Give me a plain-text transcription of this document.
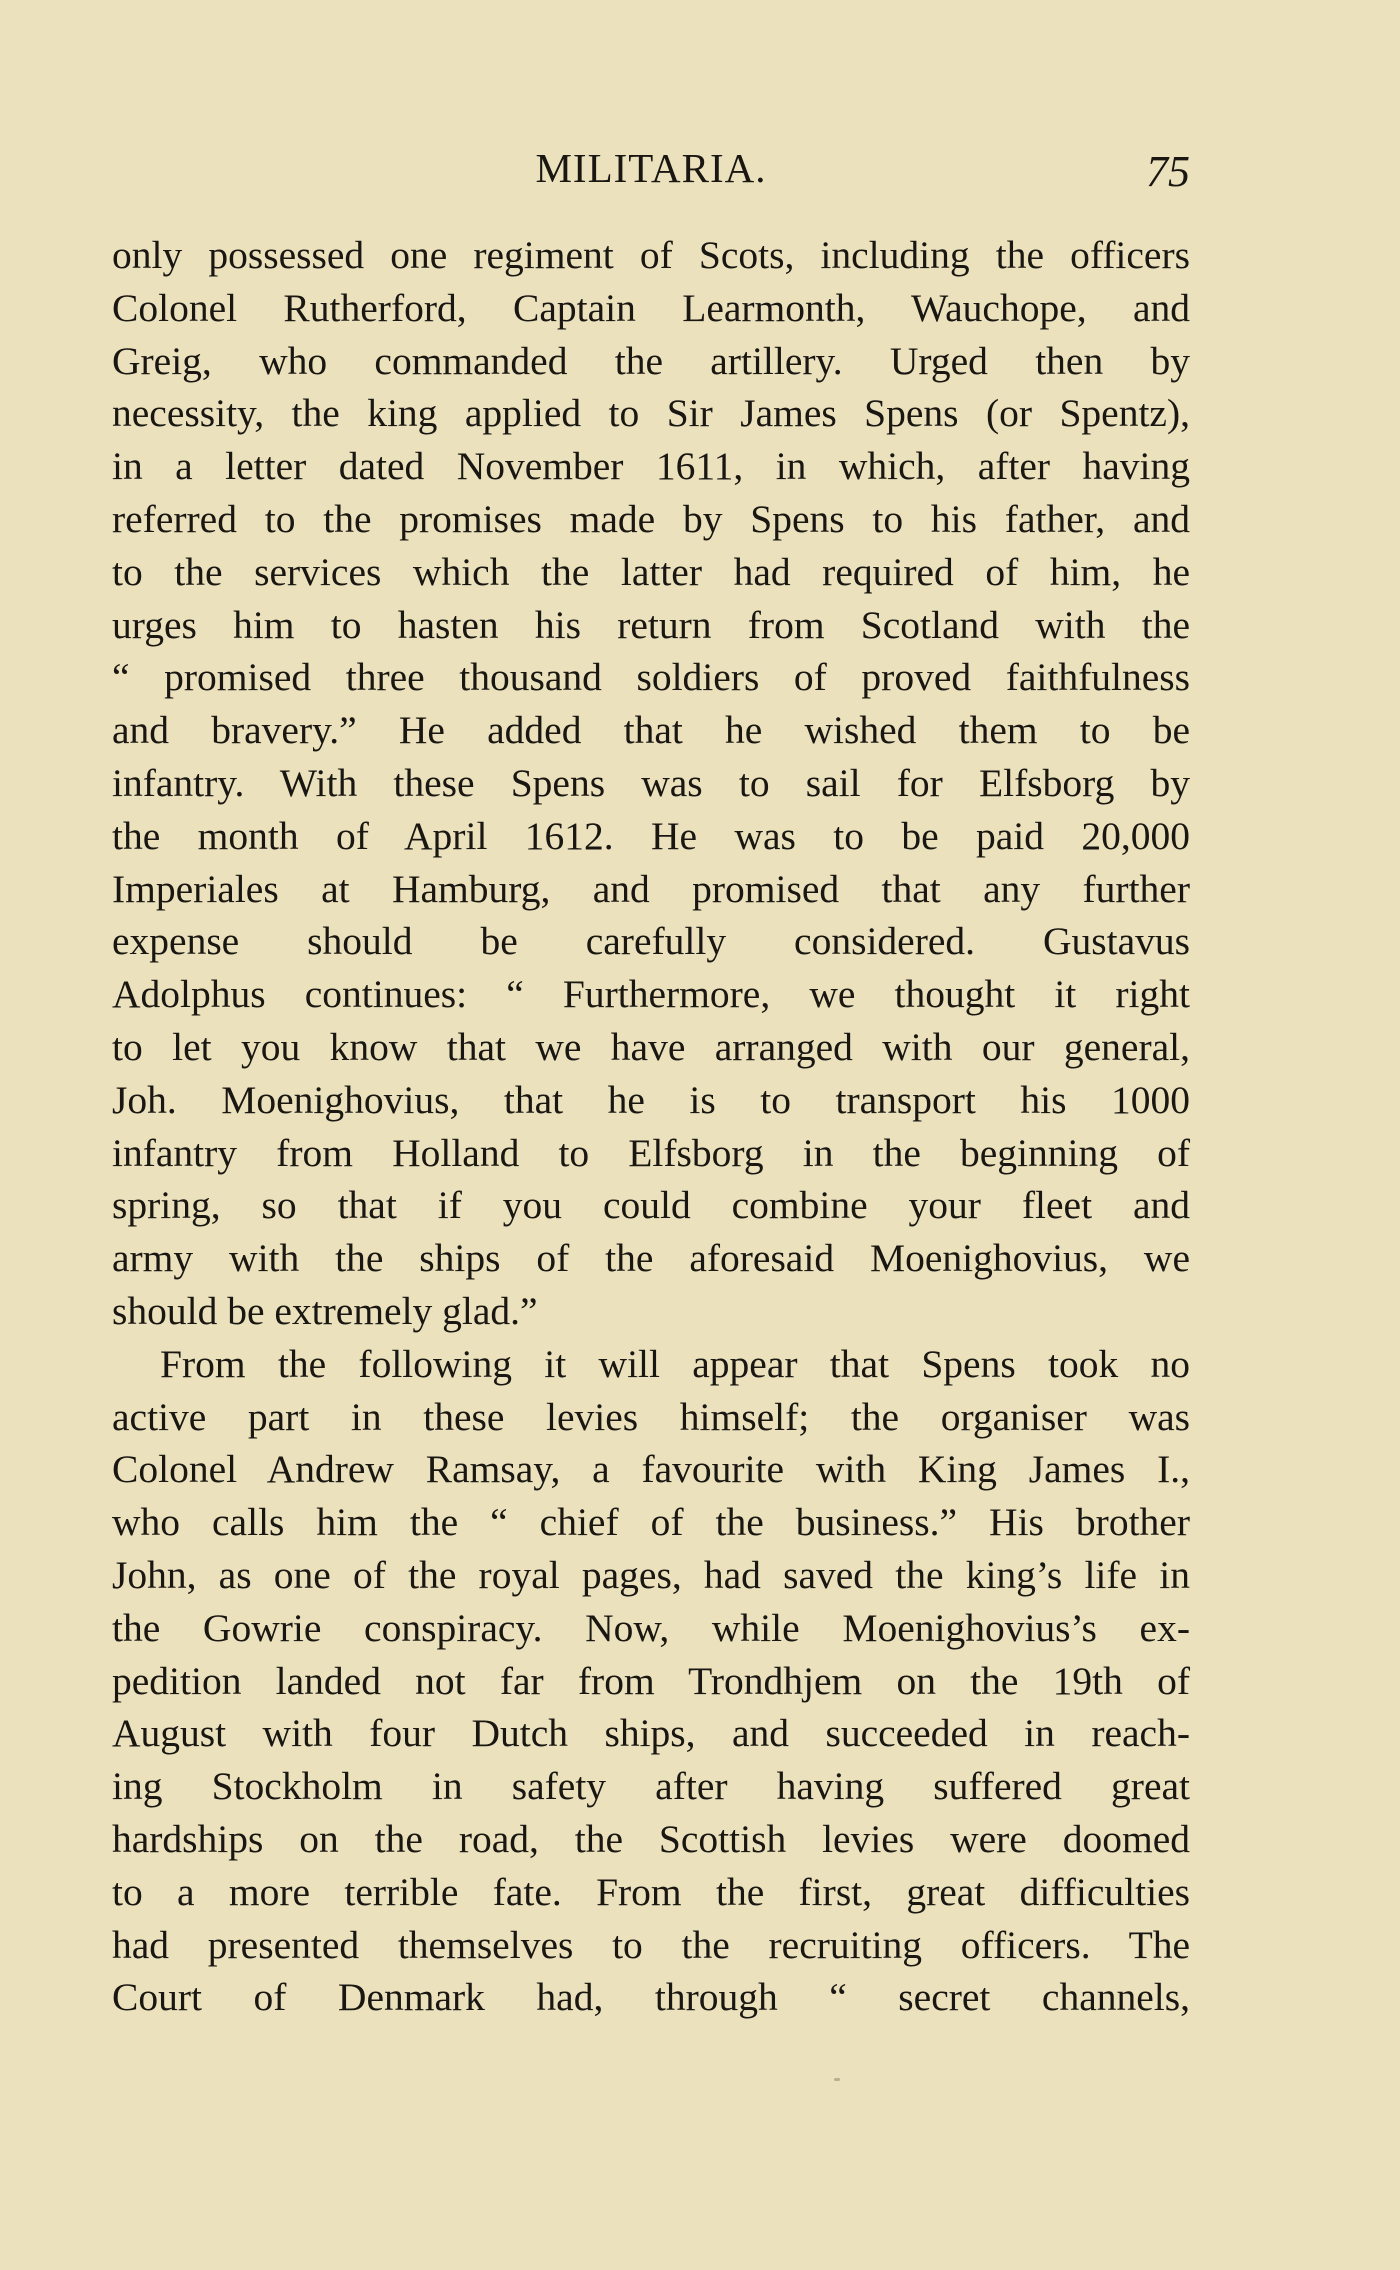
MILITARIA.	75
only possessed one regiment of Scots, including the officers
Colonel Rutherford, Captain Learmonth, Wauchope, and
Greig, who commanded the artillery. Urged then by
necessity, the king applied to Sir James Spens (or Spentz),
in a letter dated November 1611, in which, after having
referred to the promises made by Spens to his father, and
to the services which the latter had required of him, he
urges him to hasten his return from Scotland with the
“ promised three thousand soldiers of proved faithfulness
and bravery.” He added that he wished them to be
infantry. With these Spens was to sail for Elfsborg by
the month of April 1612. He was to be paid 20,000
Imperiales at Hamburg, and promised that any further
expense should be carefully considered. Gustavus
Adolphus continues: “ Furthermore, we thought it right
to let you know that we have arranged with our general,
Joh. Moenighovius, that he is to transport his 1000
infantry from Holland to Elfsborg in the beginning of
spring, so that if you could combine your fleet and
army with the ships of the aforesaid Moenighovius, we
should be extremely glad.”
From the following it will appear that Spens took no
active part in these levies himself; the organiser was
Colonel Andrew Ramsay, a favourite with King James I.,
who calls him the “ chief of the business.” His brother
John, as one of the royal pages, had saved the king’s life in
the Gowrie conspiracy. Now, while Moenighovius’s ex-
pedition landed not far from Trondhjem on the 19th of
August with four Dutch ships, and succeeded in reach-
ing Stockholm in safety after having suffered great
hardships on the road, the Scottish levies were doomed
to a more terrible fate. From the first, great difficulties
had presented themselves to the recruiting officers. The
Court of Denmark had, through “ secret channels,
